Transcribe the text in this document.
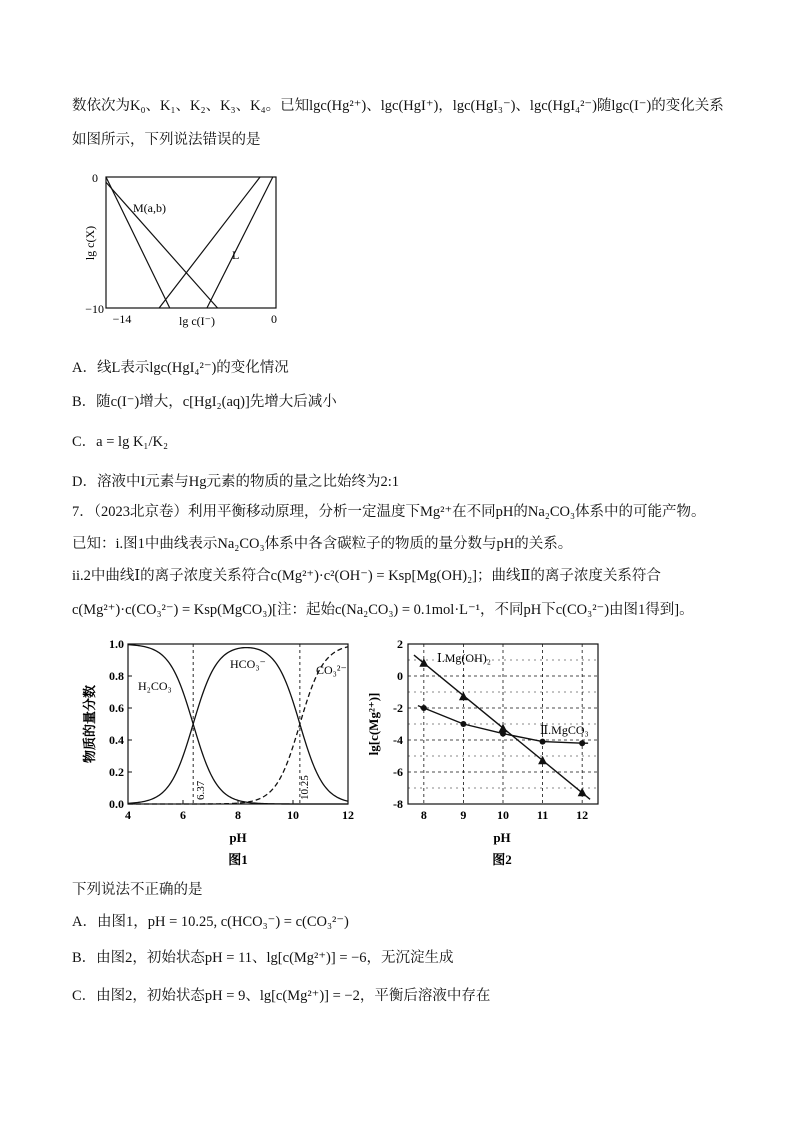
数依次为K₀、K₁、K₂、K₃、K₄。已知lgc(Hg²⁺)、lgc(HgI⁺)，lgc(HgI₃⁻)、lgc(HgI₄²⁻)随lgc(I⁻)的变化关系
如图所示，下列说法错误的是
0
−10
−14	0
lg c(I⁻)
lg c(X)
M(a,b)
L
A．线L表示lgc(HgI₄²⁻)的变化情况
B．随c(I⁻)增大，c[HgI₂(aq)]先增大后减小
C．a = lg K₁/K₂
D．溶液中I元素与Hg元素的物质的量之比始终为2:1
7．（2023北京卷）利用平衡移动原理，分析一定温度下Mg²⁺在不同pH的Na₂CO₃体系中的可能产物。
已知：i.图1中曲线表示Na₂CO₃体系中各含碳粒子的物质的量分数与pH的关系。
ii.2中曲线Ⅰ的离子浓度关系符合c(Mg²⁺)·c²(OH⁻) = Ksp[Mg(OH)₂]；曲线Ⅱ的离子浓度关系符合
c(Mg²⁺)·c(CO₃²⁻) = Ksp(MgCO₃)[注：起始c(Na₂CO₃) = 0.1mol·L⁻¹，不同pH下c(CO₃²⁻)由图1得到]。
4	6	8	10	12
0.0
0.2
0.4
0.6
0.8
1.0
H₂CO₃
HCO₃⁻	CO₃²⁻
6.37	10.25
pH
物质的量分数
图1
8	9	10 11 12
2
0
-2
-4
-6
-8
Ⅰ.Mg(OH)₂
Ⅱ.MgCO₃
pH
lg[c(Mg²⁺)]
图2
下列说法不正确的是
A．由图1，pH = 10.25, c(HCO₃⁻) = c(CO₃²⁻)
B．由图2，初始状态pH = 11、lg[c(Mg²⁺)] = −6，无沉淀生成
C．由图2，初始状态pH = 9、lg[c(Mg²⁺)] = −2，平衡后溶液中存在
